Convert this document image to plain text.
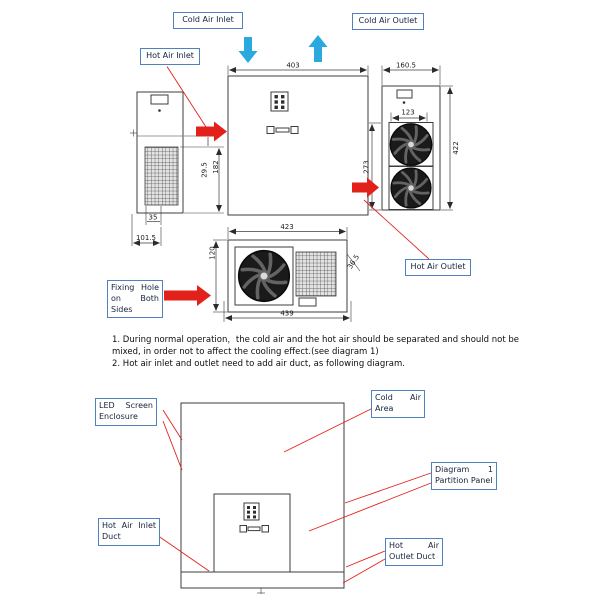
403	160.5
123
422
273
29.5 182
35
101.5
423
439
120
36.5
Cold Air Inlet	Cold Air Outlet
Hot Air Inlet
Hot Air Outlet
Fixing Hole on Both Sides
LED Screen Enclosure
Cold Air Area
Diagram 1 Partition Panel
Hot Air Inlet Duct
Hot Air Outlet Duct
1. During normal operation，the cold air and the hot air should be separated and should not be
mixed, in order not to affect the cooling effect.(see diagram 1)
2. Hot air inlet and outlet need to add air duct, as following diagram.
